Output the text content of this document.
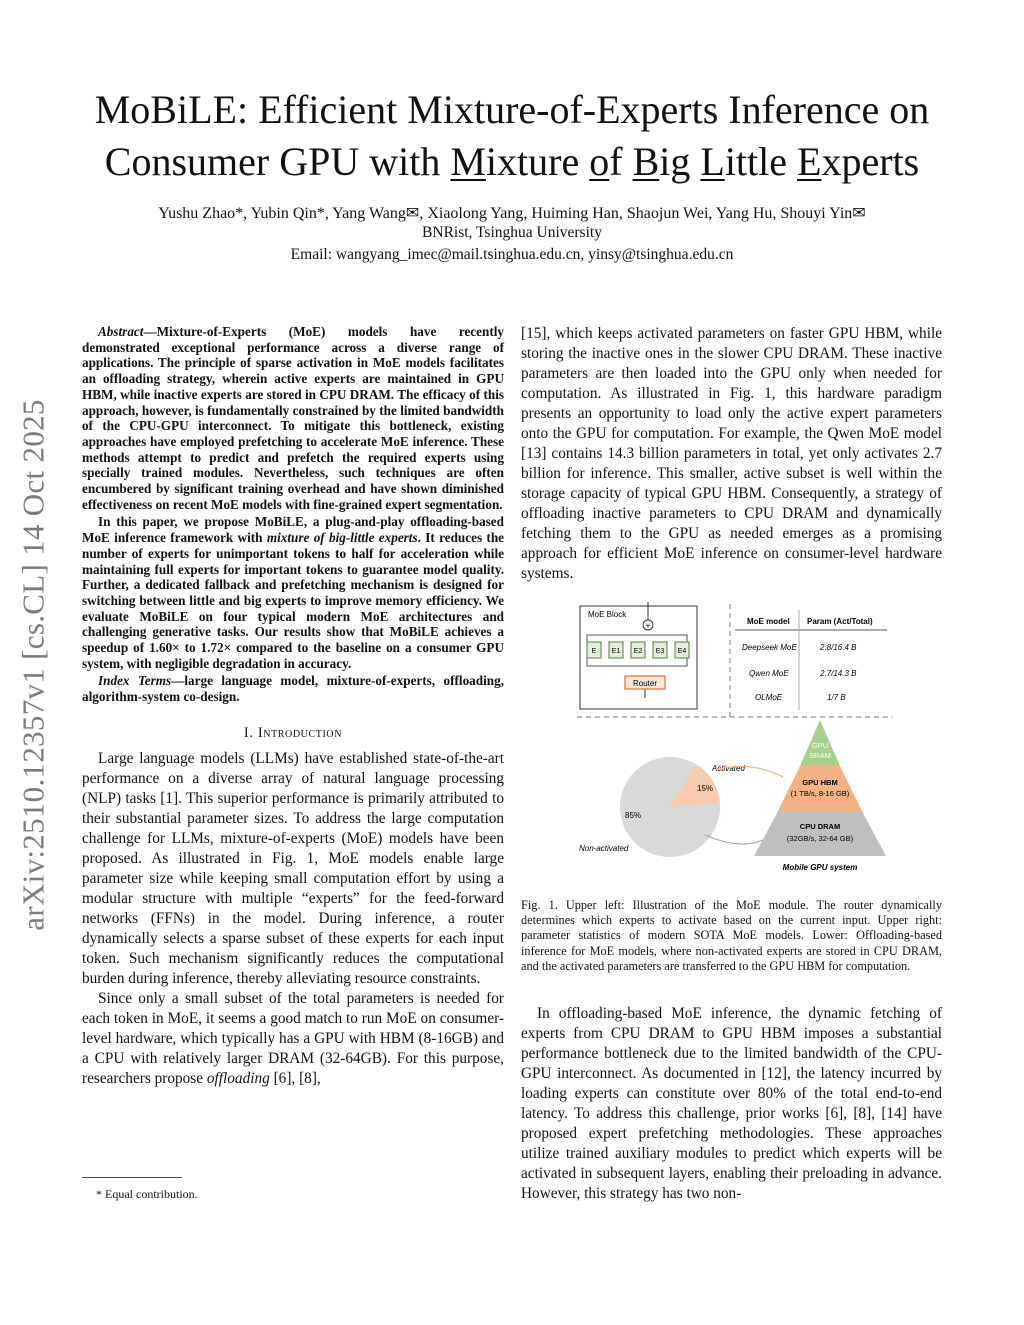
arXiv:2510.12357v1 [cs.CL] 14 Oct 2025
MoBiLE: Efficient Mixture-of-Experts Inference on
Consumer GPU with Mixture of Big Little Experts
Yushu Zhao*, Yubin Qin*, Yang Wang✉, Xiaolong Yang, Huiming Han, Shaojun Wei, Yang Hu, Shouyi Yin✉
BNRist, Tsinghua University
Email: wangyang_imec@mail.tsinghua.edu.cn, yinsy@tsinghua.edu.cn

Abstract—Mixture-of-Experts (MoE) models have recently demonstrated exceptional performance across a diverse range of applications. The principle of sparse activation in MoE models facilitates an offloading strategy, wherein active experts are maintained in GPU HBM, while inactive experts are stored in CPU DRAM. The efficacy of this approach, however, is fundamentally constrained by the limited bandwidth of the CPU-GPU interconnect. To mitigate this bottleneck, existing approaches have employed prefetching to accelerate MoE inference. These methods attempt to predict and prefetch the required experts using specially trained modules. Nevertheless, such techniques are often encumbered by significant training overhead and have shown diminished effectiveness on recent MoE models with fine-grained expert segmentation.

In this paper, we propose MoBiLE, a plug-and-play offloading-based MoE inference framework with mixture of big-little experts. It reduces the number of experts for unimportant tokens to half for acceleration while maintaining full experts for important tokens to guarantee model quality. Further, a dedicated fallback and prefetching mechanism is designed for switching between little and big experts to improve memory efficiency. We evaluate MoBiLE on four typical modern MoE architectures and challenging generative tasks. Our results show that MoBiLE achieves a speedup of 1.60× to 1.72× compared to the baseline on a consumer GPU system, with negligible degradation in accuracy.

Index Terms—large language model, mixture-of-experts, offloading, algorithm-system co-design.

I. Introduction

Large language models (LLMs) have established state-of-the-art performance on a diverse array of natural language processing (NLP) tasks [1]. This superior performance is primarily attributed to their substantial parameter sizes. To address the large computation challenge for LLMs, mixture-of-experts (MoE) models have been proposed. As illustrated in Fig. 1, MoE models enable large parameter size while keeping small computation effort by using a modular structure with multiple “experts” for the feed-forward networks (FFNs) in the model. During inference, a router dynamically selects a sparse subset of these experts for each input token. Such mechanism significantly reduces the computational burden during inference, thereby alleviating resource constraints.

Since only a small subset of the total parameters is needed for each token in MoE, it seems a good match to run MoE on consumer-level hardware, which typically has a GPU with HBM (8-16GB) and a CPU with relatively larger DRAM (32-64GB). For this purpose, researchers propose offloading [6], [8],

* Equal contribution.

[15], which keeps activated parameters on faster GPU HBM, while storing the inactive ones in the slower CPU DRAM. These inactive parameters are then loaded into the GPU only when needed for computation. As illustrated in Fig. 1, this hardware paradigm presents an opportunity to load only the active expert parameters onto the GPU for computation. For example, the Qwen MoE model [13] contains 14.3 billion parameters in total, yet only activates 2.7 billion for inference. This smaller, active subset is well within the storage capacity of typical GPU HBM. Consequently, a strategy of offloading inactive parameters to CPU DRAM and dynamically fetching them to the GPU as needed emerges as a promising approach for efficient MoE inference on consumer-level hardware systems.

MoE Block
+
E E1 E2 E3 E4
Router
MoE model Param (Act/Total)
Deepseek MoE	2.8/16.4 B
Qwen MoE	2.7/14.3 B
OLMoE	1/7 B
15%
85%
Activated
Non-activated
GPU
SRAM
GPU HBM
(1 TB/s, 8-16 GB)
CPU DRAM
(32GB/s, 32-64 GB)
Mobile GPU system
Fig. 1. Upper left: Illustration of the MoE module. The router dynamically determines which experts to activate based on the current input. Upper right: parameter statistics of modern SOTA MoE models. Lower: Offloading-based inference for MoE models, where non-activated experts are stored in CPU DRAM, and the activated parameters are transferred to the GPU HBM for computation.

In offloading-based MoE inference, the dynamic fetching of experts from CPU DRAM to GPU HBM imposes a substantial performance bottleneck due to the limited bandwidth of the CPU-GPU interconnect. As documented in [12], the latency incurred by loading experts can constitute over 80% of the total end-to-end latency. To address this challenge, prior works [6], [8], [14] have proposed expert prefetching methodologies. These approaches utilize trained auxiliary modules to predict which experts will be activated in subsequent layers, enabling their preloading in advance. However, this strategy has two non-
